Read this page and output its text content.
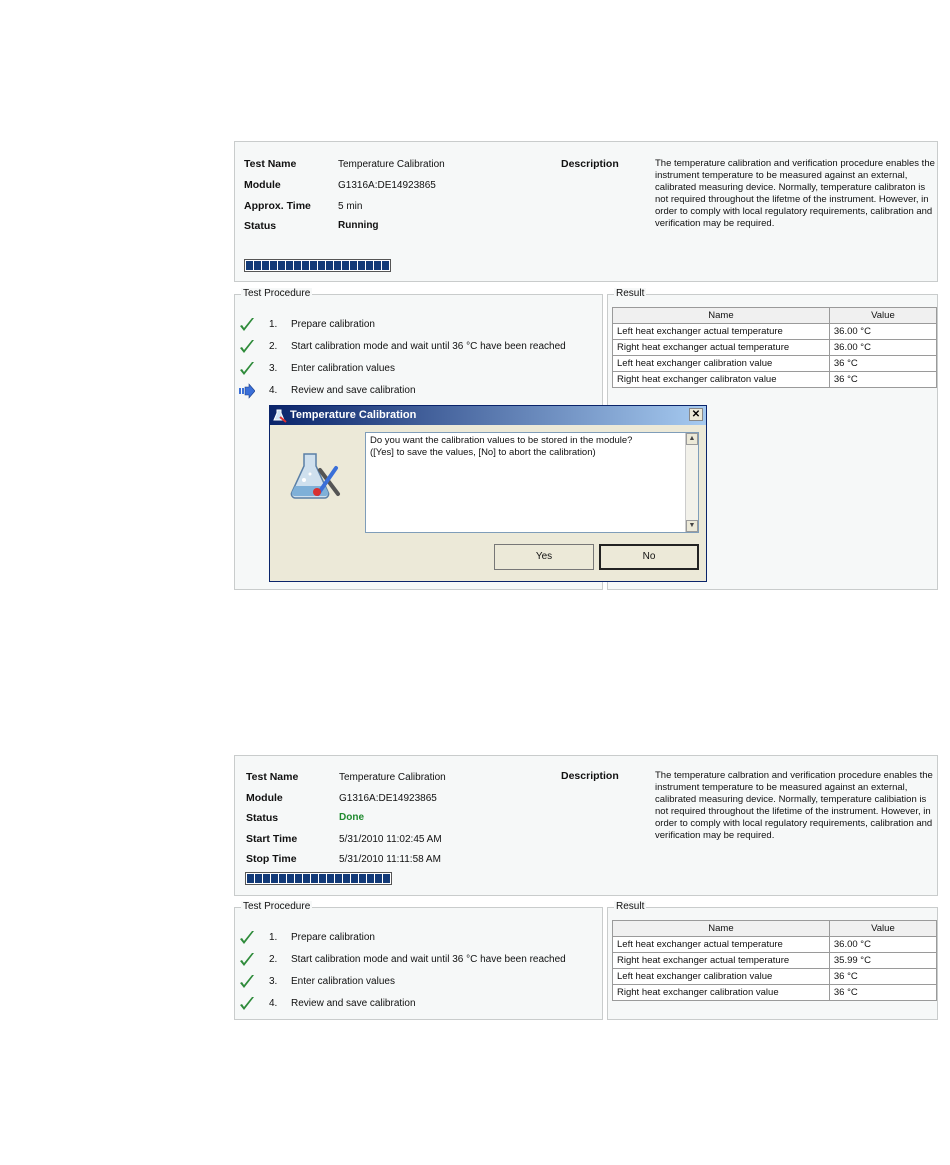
Test Name	Temperature Calibration
Module	G1316A:DE14923865
Approx. Time	5 min
Status	Running
Description	The temperature calibration and verification procedure enables the instrument temperature to be measured against an external, calibrated measuring device. Normally, temperature calibraton is not required throughout the lifetme of the instrument. However, in order to comply with local regulatory requirements, calibration and verification may be required.
Test Procedure
1. Prepare calibration
2. Start calibration mode and wait until 36 °C have been reached
3. Enter calibration values
4. Review and save calibration
Result
Name	Value
Left heat exchanger actual temperature	36.00 °C
Right heat exchanger actual temperature	36.00 °C
Left heat exchanger calibration value	36 °C
Right heat exchanger calibraton value	36 °C
Temperature Calibration	✕
Do you want the calibration values to be stored in the module?
([Yes] to save the values, [No] to abort the calibration)
▲
▼
Yes	No
Test Name	Temperature Calibration
Module	G1316A:DE14923865
Status	Done
Start Time	5/31/2010 11:02:45 AM
Stop Time	5/31/2010 11:11:58 AM
Description	The temperature calbration and verification procedure enables the instrument temperature to be measured against an external, calibrated measuring device. Normally, temperature calibiation is not required throughout the lifetime of the instrument. However, in order to comply with local regulatory requirements, calibration and verification may be required.
Test Procedure
1. Prepare calibration
2. Start calibration mode and wait until 36 °C have been reached
3. Enter calibration values
4. Review and save calibration
Result
Name	Value
Left heat exchanger actual temperature	36.00 °C
Right heat exchanger actual temperature	35.99 °C
Left heat exchanger calibration value	36 °C
Right heat exchanger calibration value	36 °C
